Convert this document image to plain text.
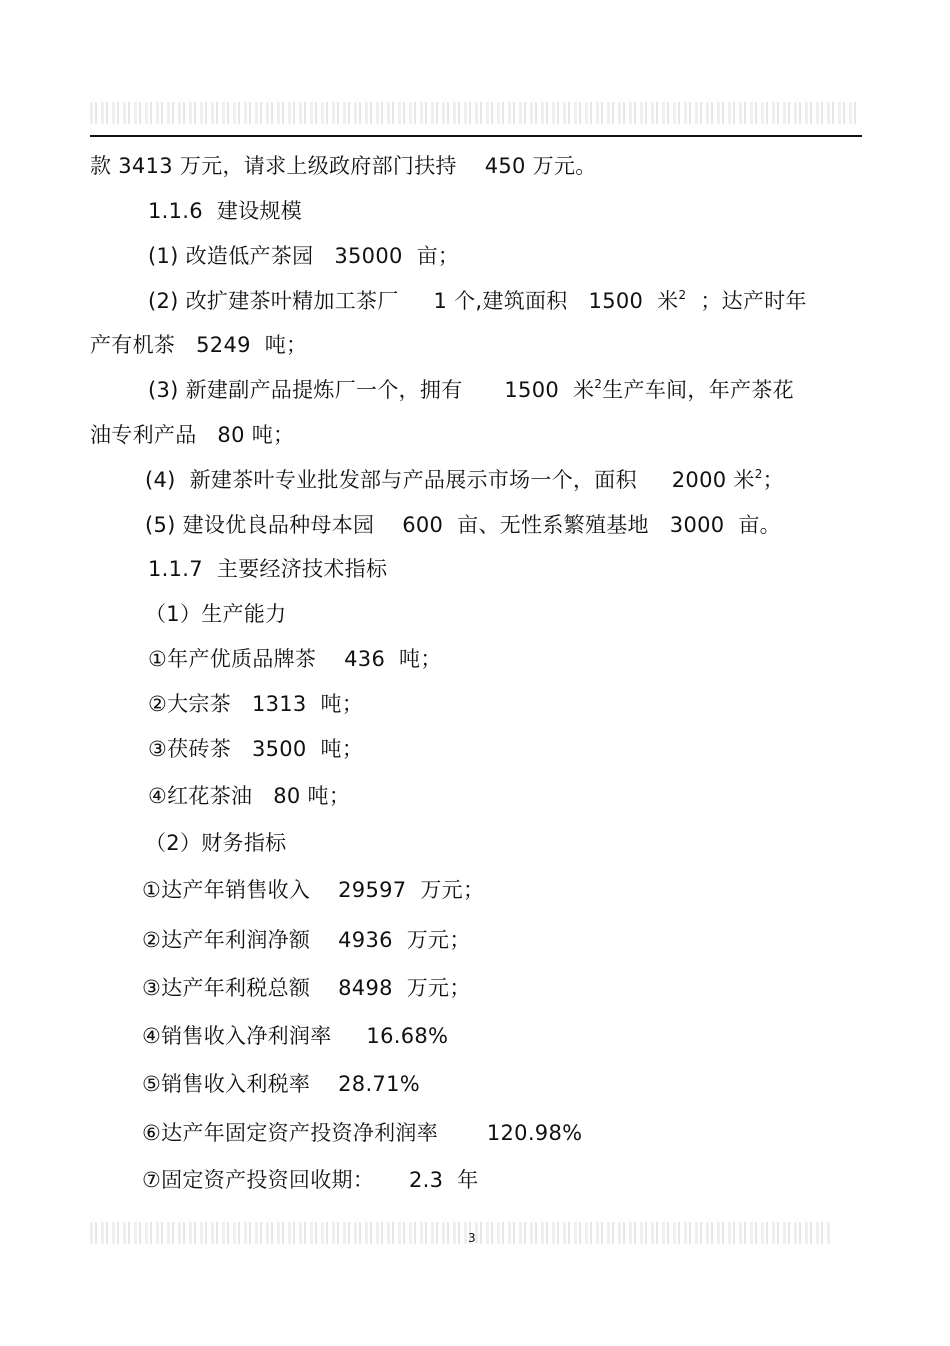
款 3413 万元，请求上级政府部门扶持    450 万元。
1.1.6  建设规模
(1) 改造低产茶园   35000  亩；
(2) 改扩建茶叶精加工茶厂     1 个,建筑面积   1500  米$^2$  ；达产时年
产有机茶   5249  吨；
(3) 新建副产品提炼厂一个，拥有      1500  米$^2$生产车间，年产茶花
油专利产品   80 吨；
(4)  新建茶叶专业批发部与产品展示市场一个，面积     2000 米$^2$；
(5) 建设优良品种母本园    600  亩、无性系繁殖基地   3000  亩。
1.1.7  主要经济技术指标
（1）生产能力
①年产优质品牌茶    436  吨；
②大宗茶   1313  吨；
③茯砖茶   3500  吨；
④红花茶油   80 吨；
（2）财务指标
①达产年销售收入    29597  万元；
②达产年利润净额    4936  万元；
③达产年利税总额    8498  万元；
④销售收入净利润率     16.68%
⑤销售收入利税率    28.71%
⑥达产年固定资产投资净利润率       120.98%
⑦固定资产投资回收期：     2.3  年
3
